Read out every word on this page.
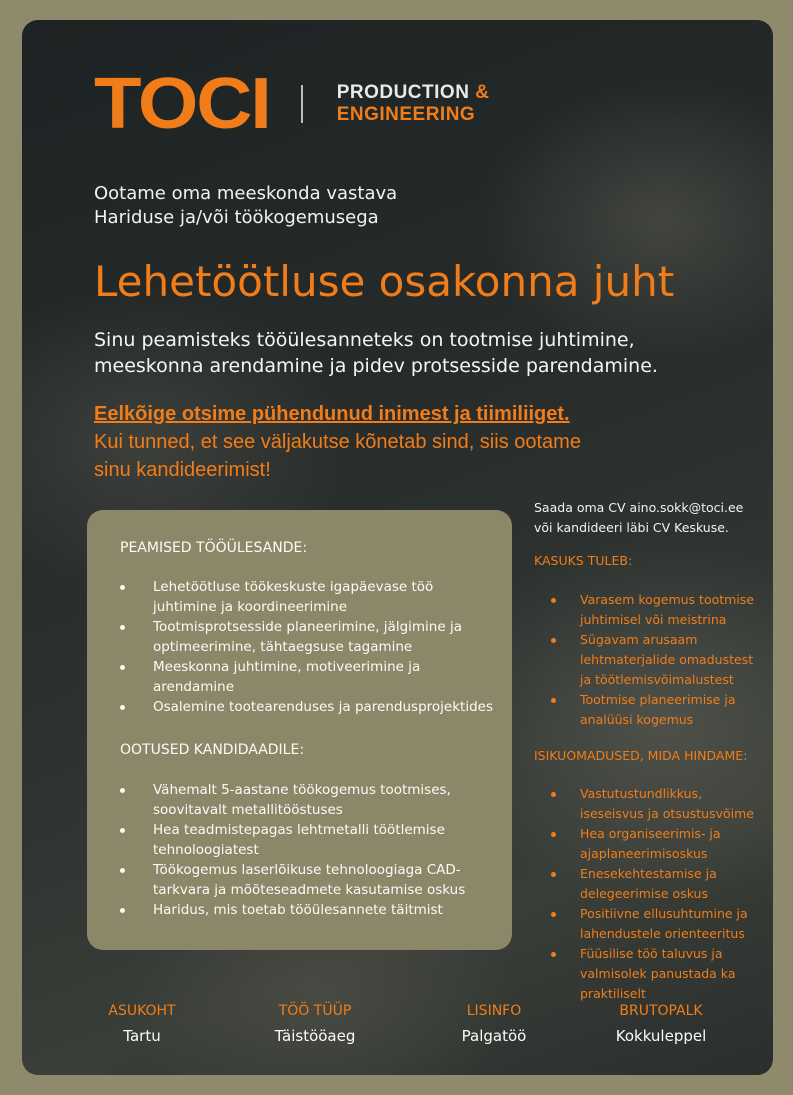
TOCI	PRODUCTION &
ENGINEERING
Ootame oma meeskonda vastava
Hariduse ja/või töökogemusega
Lehetöötluse osakonna juht
Sinu peamisteks tööülesanneteks on tootmise juhtimine,
meeskonna arendamine ja pidev protsesside parendamine.
Eelkõige otsime pühendunud inimest ja tiimiliiget.
Kui tunned, et see väljakutse kõnetab sind, siis ootame
sinu kandideerimist!
PEAMISED TÖÖÜLESANDE:
Lehetöötluse töökeskuste igapäevase töö juhtimine ja koordineerimine
Tootmisprotsesside planeerimine, jälgimine ja optimeerimine, tähtaegsuse tagamine
Meeskonna juhtimine, motiveerimine ja arendamine
Osalemine tootearenduses ja parendusprojektides
OOTUSED KANDIDAADILE:
Vähemalt 5-aastane töökogemus tootmises, soovitavalt metallitööstuses
Hea teadmistepagas lehtmetalli töötlemise tehnoloogiatest
Töökogemus laserlõikuse tehnoloogiaga CAD-tarkvara ja mõõteseadmete kasutamise oskus
Haridus, mis toetab tööülesannete täitmist
Saada oma CV aino.sokk@toci.ee või kandideeri läbi CV Keskuse.
KASUKS TULEB:
Varasem kogemus tootmise juhtimisel või meistrina
Sügavam arusaam lehtmaterjalide omadustest ja töötlemisvõimalustest
Tootmise planeerimise ja analüüsi kogemus
ISIKUOMADUSED, MIDA HINDAME:
Vastutustundlikkus, iseseisvus ja otsustusvõime
Hea organiseerimis- ja ajaplaneerimisoskus
Enesekehtestamise ja delegeerimise oskus
Positiivne ellusuhtumine ja lahendustele orienteeritus
Füüsilise töö taluvus ja valmisolek panustada ka praktiliselt
ASUKOHT
Tartu
TÖÖ TÜÜP
Täistööaeg
LISINFO
Palgatöö
BRUTOPALK
Kokkuleppel
